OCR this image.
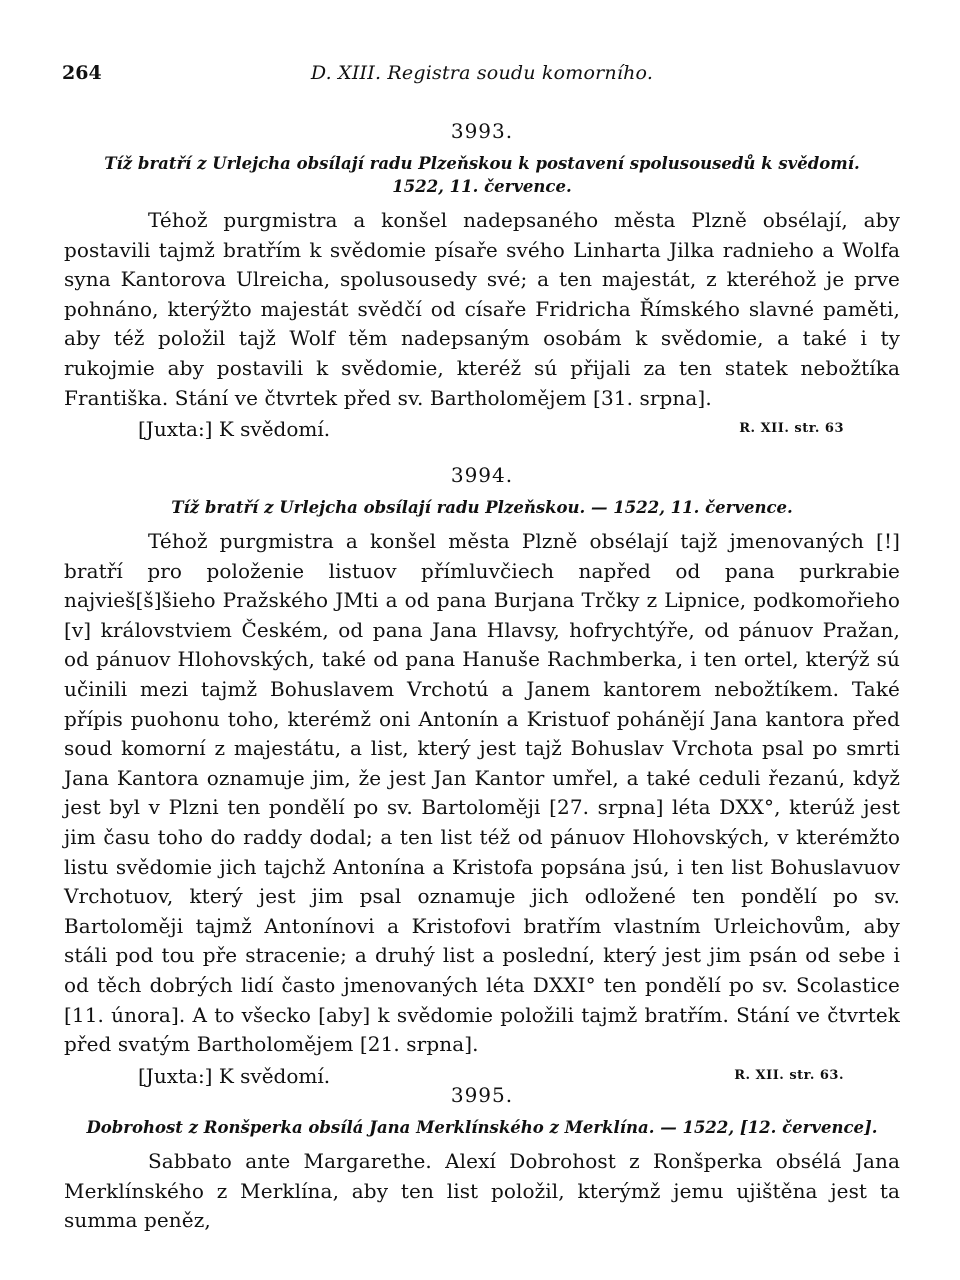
264	D. XIII. Registra soudu komorního.

3993.

Tíž bratří z Urlejcha obsílají radu Plzeňskou k postavení spolusousedů k svědomí.
1522, 11. července.

Téhož purgmistra a konšel nadepsaného města Plzně obsélají, aby postavili tajmž bratřím k svědomie písaře svého Linharta Jilka radnieho a Wolfa syna Kantorova Ulreicha, spolusousedy své; a ten majestát, z kteréhož je prve pohnáno, kterýžto majestát svědčí od císaře Fridricha Římského slavné paměti, aby též položil tajž Wolf těm nadepsaným osobám k svědomie, a také i ty rukojmie aby postavili k svědomie, kteréž sú přijali za ten statek nebožtíka Františka. Stání ve čtvrtek před sv. Bartholomějem [31. srpna].

[Juxta:] K svědomí.	R. XII. str. 63

3994.

Tíž bratří z Urlejcha obsílají radu Plzeňskou. — 1522, 11. července.

Téhož purgmistra a konšel města Plzně obsélají tajž jmenovaných [!] bratří pro položenie listuov přímluvčiech napřed od pana purkrabie najvieš[š]šieho Pražského JMti a od pana Burjana Trčky z Lipnice, podkomořieho [v] královstviem Českém, od pana Jana Hlavsy, hofrychtýře, od pánuov Pražan, od pánuov Hlohovských, také od pana Hanuše Rachmberka, i ten ortel, kterýž sú učinili mezi tajmž Bohuslavem Vrchotú a Janem kantorem nebožtíkem. Také přípis puohonu toho, kterémž oni Antonín a Kristuof pohánějí Jana kantora před soud komorní z majestátu, a list, který jest tajž Bohuslav Vrchota psal po smrti Jana Kantora oznamuje jim, že jest Jan Kantor umřel, a také ceduli řezanú, když jest byl v Plzni ten pondělí po sv. Bartoloměji [27. srpna] léta DXX°, kterúž jest jim času toho do raddy dodal; a ten list též od pánuov Hlohovských, v kterémžto listu svědomie jich tajchž Antonína a Kristofa popsána jsú, i ten list Bohuslavuov Vrchotuov, který jest jim psal oznamuje jich odložené ten pondělí po sv. Bartoloměji tajmž Antonínovi a Kristofovi bratřím vlastním Urleichovům, aby stáli pod tou pře stracenie; a druhý list a poslední, který jest jim psán od sebe i od těch dobrých lidí často jmenovaných léta DXXI° ten pondělí po sv. Scolastice [11. února]. A to všecko [aby] k svědomie položili tajmž bratřím. Stání ve čtvrtek před svatým Bartholomějem [21. srpna].

[Juxta:] K svědomí.	R. XII. str. 63.

3995.

Dobrohost z Ronšperka obsílá Jana Merklínského z Merklína. — 1522, [12. července].

Sabbato ante Margarethe. Alexí Dobrohost z Ronšperka obsélá Jana Merklínského z Merklína, aby ten list položil, kterýmž jemu ujištěna jest ta summa peněz,
